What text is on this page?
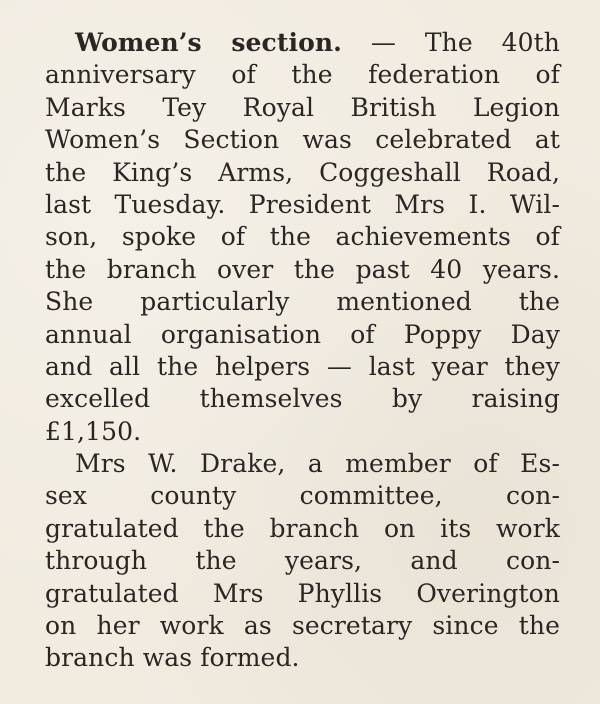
Women’s section. — The 40th
anniversary of the federation of
Marks Tey Royal British Legion
Women’s Section was celebrated at
the King’s Arms, Coggeshall Road,
last Tuesday. President Mrs I. Wil-
son, spoke of the achievements of
the branch over the past 40 years.
She particularly mentioned the
annual organisation of Poppy Day
and all the helpers — last year they
excelled themselves by raising
£1,150.
Mrs W. Drake, a member of Es-
sex county committee, con-
gratulated the branch on its work
through the years, and con-
gratulated Mrs Phyllis Overington
on her work as secretary since the
branch was formed.
